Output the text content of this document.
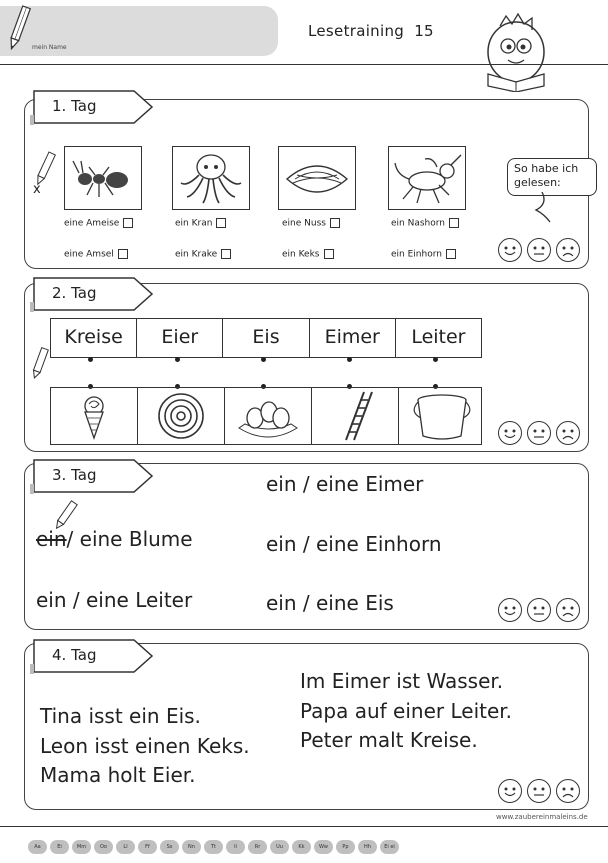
mein Name
Lesetraining 15
1. Tag
x
eine Ameise
eine Amsel
ein Kran
ein Krake
eine Nuss
ein Keks
ein Nashorn
ein Einhorn
So habe ich gelesen:
2. Tag
Kreise	Eier	Eis	Eimer	Leiter
3. Tag
ein/ eine Blume
ein / eine Leiter
ein / eine Eimer
ein / eine Einhorn
ein / eine Eis
4. Tag
Tina isst ein Eis.
Leon isst einen Keks.
Mama holt Eier.
Im Eimer ist Wasser.
Papa auf einer Leiter.
Peter malt Kreise.
www.zaubereinmaleins.de
Aa	Ei	Mm	Oo	Ll	Ff	Ss	Nn	Tt	Ii	Rr	Uu	Kk	Ww	Pp	Hh	Ei ei
